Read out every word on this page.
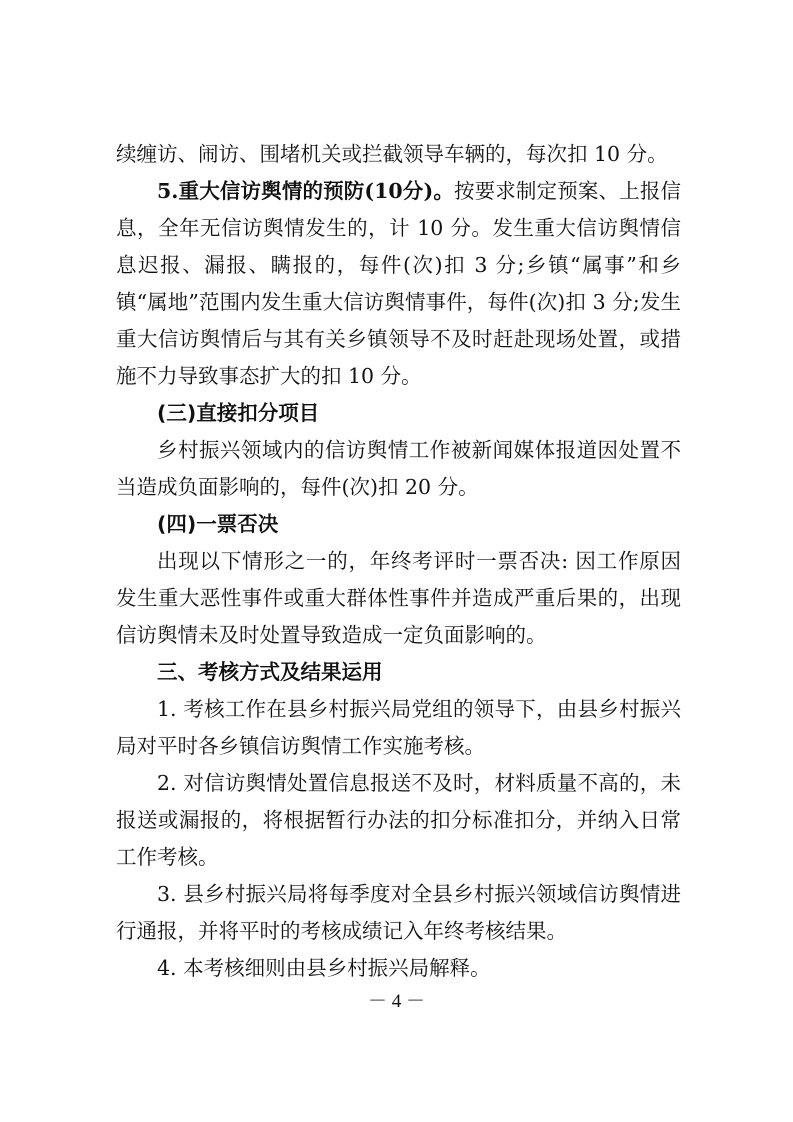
续缠访、闹访、围堵机关或拦截领导车辆的，每次扣 10 分。
5.重大信访舆情的预防(10分)。按要求制定预案、上报信息，全年无信访舆情发生的，计 10 分。发生重大信访舆情信息迟报、漏报、瞒报的，每件(次)扣 3 分;乡镇“属事”和乡镇“属地”范围内发生重大信访舆情事件，每件(次)扣 3 分;发生重大信访舆情后与其有关乡镇领导不及时赶赴现场处置，或措施不力导致事态扩大的扣 10 分。
(三)直接扣分项目
乡村振兴领域内的信访舆情工作被新闻媒体报道因处置不当造成负面影响的，每件(次)扣 20 分。
(四)一票否决
出现以下情形之一的，年终考评时一票否决: 因工作原因发生重大恶性事件或重大群体性事件并造成严重后果的，出现信访舆情未及时处置导致造成一定负面影响的。
三、考核方式及结果运用
1. 考核工作在县乡村振兴局党组的领导下，由县乡村振兴局对平时各乡镇信访舆情工作实施考核。
2. 对信访舆情处置信息报送不及时，材料质量不高的，未报送或漏报的，将根据暂行办法的扣分标准扣分，并纳入日常工作考核。
3. 县乡村振兴局将每季度对全县乡村振兴领域信访舆情进行通报，并将平时的考核成绩记入年终考核结果。
4. 本考核细则由县乡村振兴局解释。
－ 4 －
